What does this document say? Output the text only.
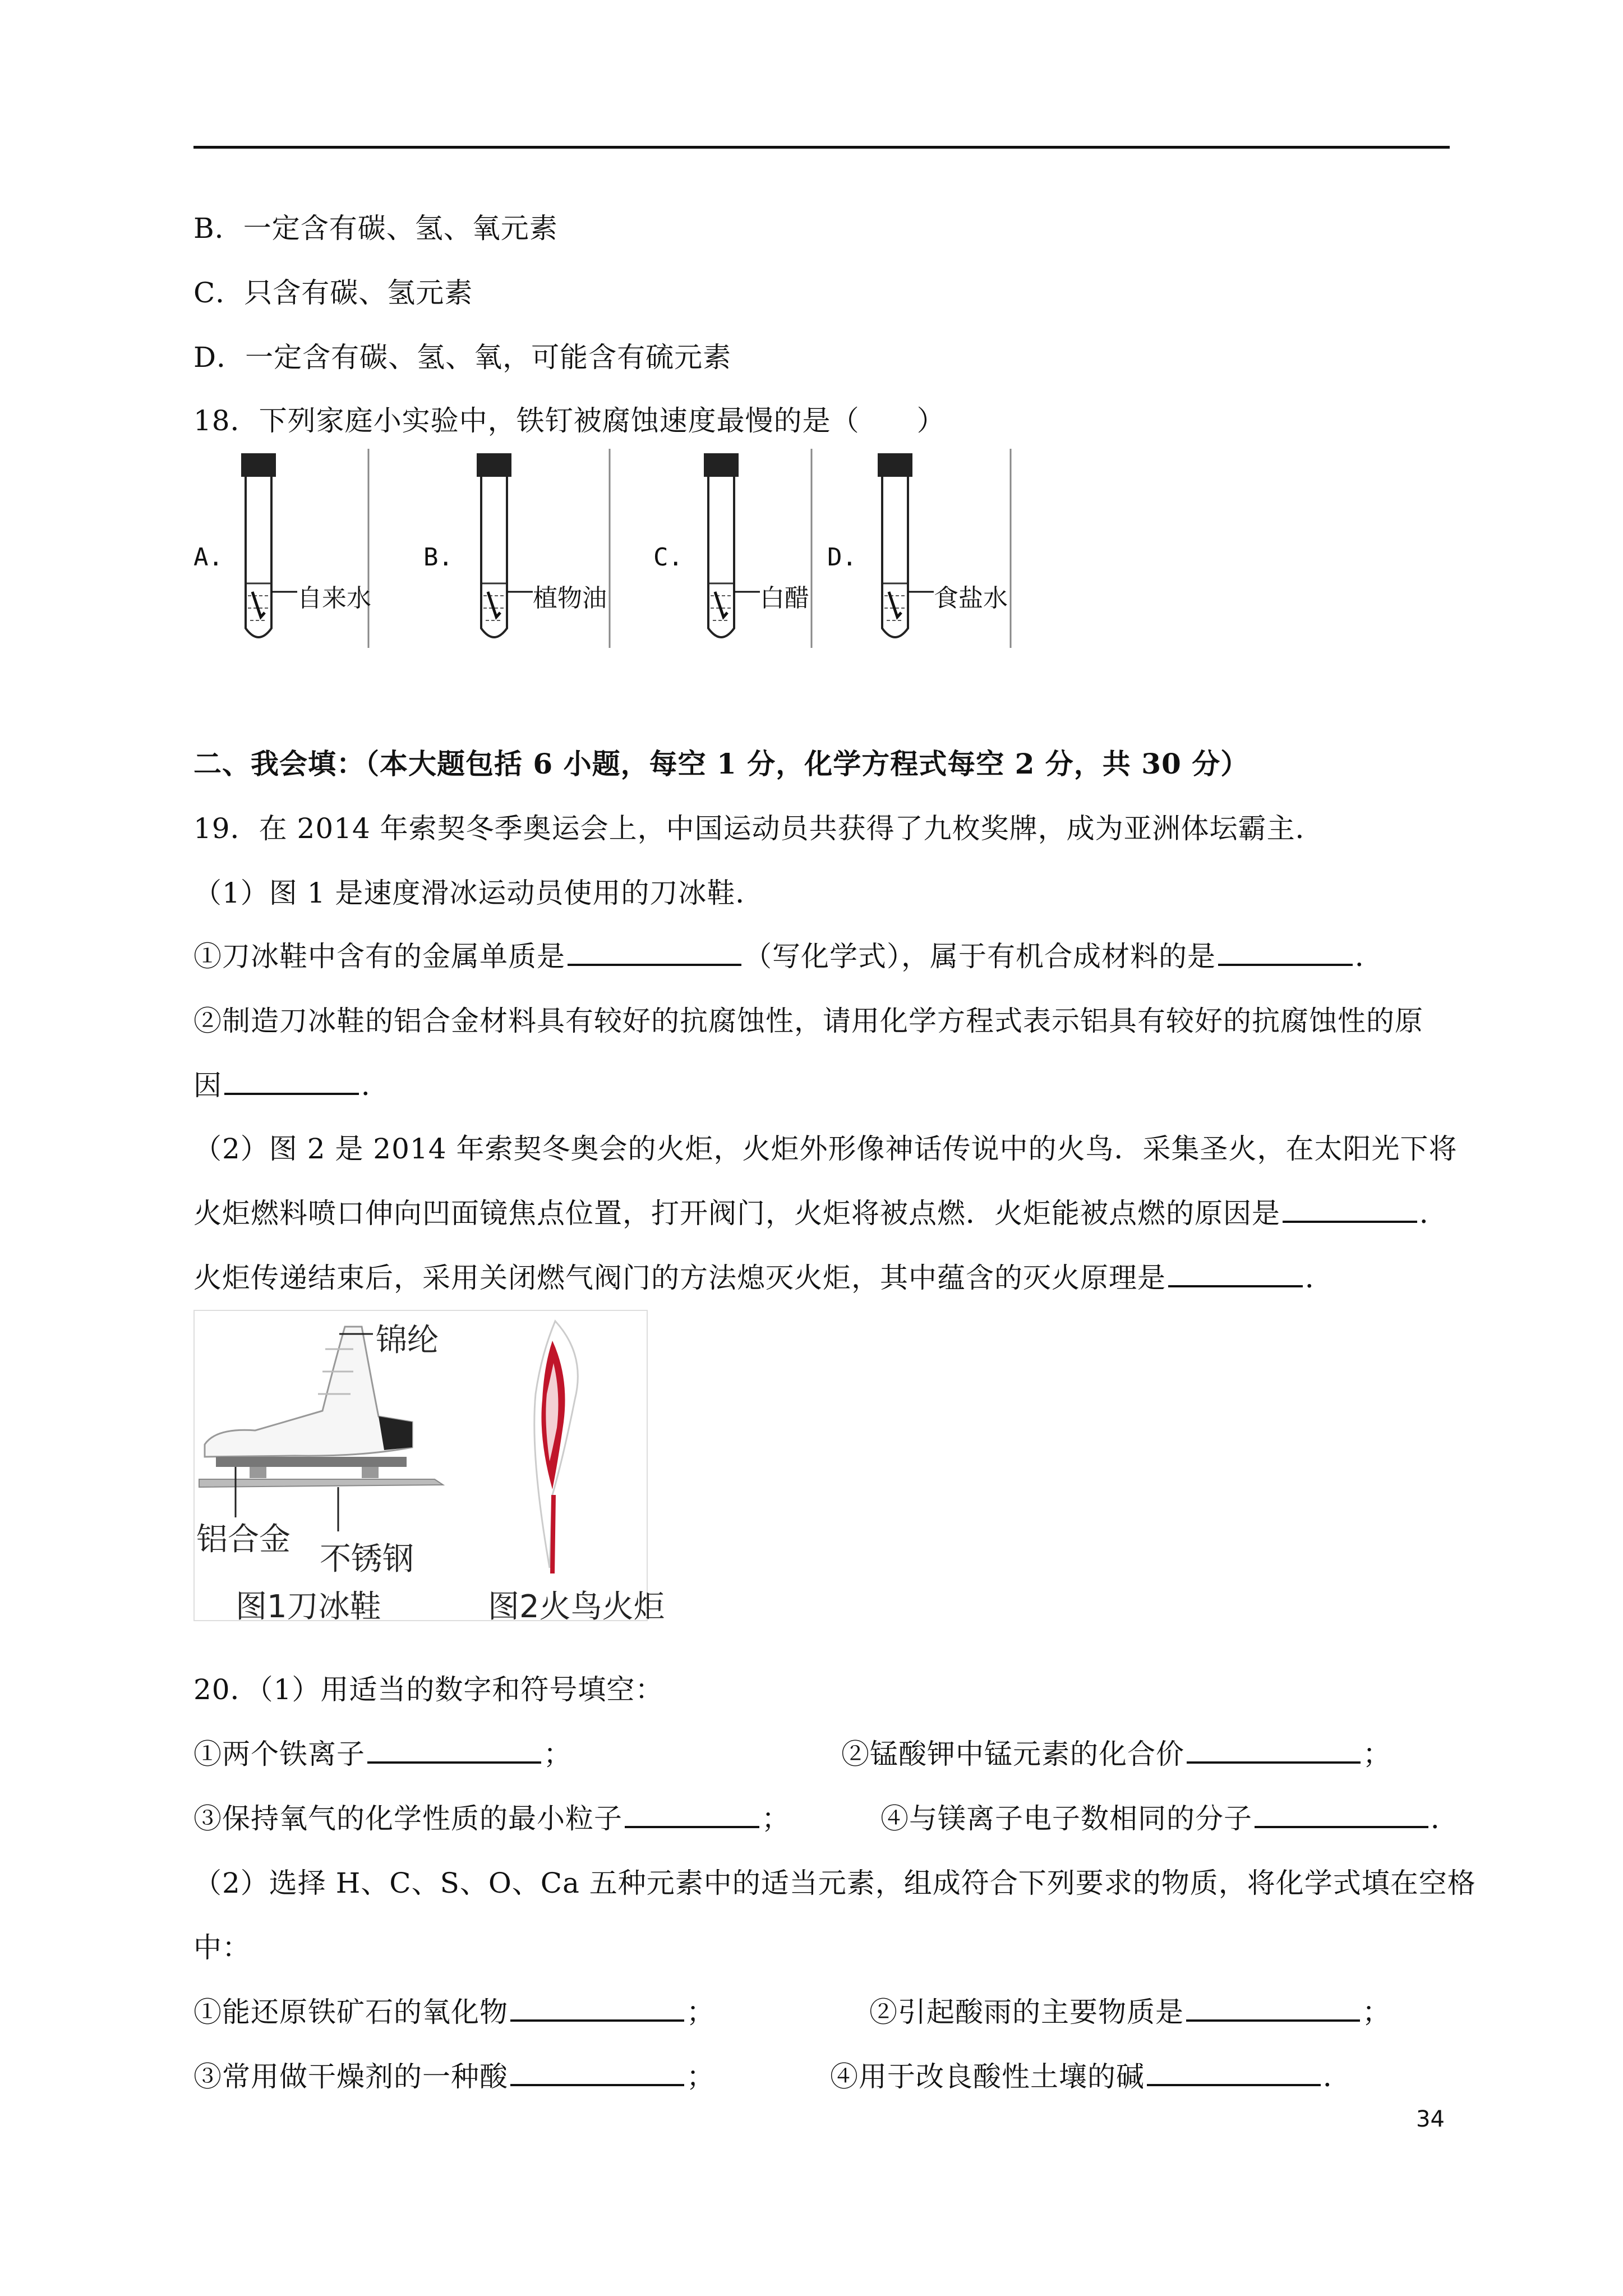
B．一定含有碳、氢、氧元素
C．只含有碳、氢元素
D．一定含有碳、氢、氧，可能含有硫元素
18．下列家庭小实验中，铁钉被腐蚀速度最慢的是（　　）
A.
自来水
B.
植物油
C.
白醋
D.
食盐水
二、我会填：（本大题包括 6 小题，每空 1 分，化学方程式每空 2 分，共 30 分）
19．在 2014 年索契冬季奥运会上，中国运动员共获得了九枚奖牌，成为亚洲体坛霸主．
（1）图 1 是速度滑冰运动员使用的刀冰鞋．
①刀冰鞋中含有的金属单质是	（写化学式），属于有机合成材料的是	．
②制造刀冰鞋的铝合金材料具有较好的抗腐蚀性，请用化学方程式表示铝具有较好的抗腐蚀性的原
因	．
（2）图 2 是 2014 年索契冬奥会的火炬，火炬外形像神话传说中的火鸟．采集圣火，在太阳光下将
火炬燃料喷口伸向凹面镜焦点位置，打开阀门，火炬将被点燃．火炬能被点燃的原因是	．
火炬传递结束后，采用关闭燃气阀门的方法熄灭火炬，其中蕴含的灭火原理是	．
锦纶
铝合金
不锈钢
图1刀冰鞋	图2火鸟火炬
20．（1）用适当的数字和符号填空：
①两个铁离子	；	②锰酸钾中锰元素的化合价	；
③保持氧气的化学性质的最小粒子	；	④与镁离子电子数相同的分子	．
（2）选择 H、C、S、O、Ca 五种元素中的适当元素，组成符合下列要求的物质，将化学式填在空格
中：
①能还原铁矿石的氧化物	；	②引起酸雨的主要物质是	；
③常用做干燥剂的一种酸	；	④用于改良酸性土壤的碱	．
34
